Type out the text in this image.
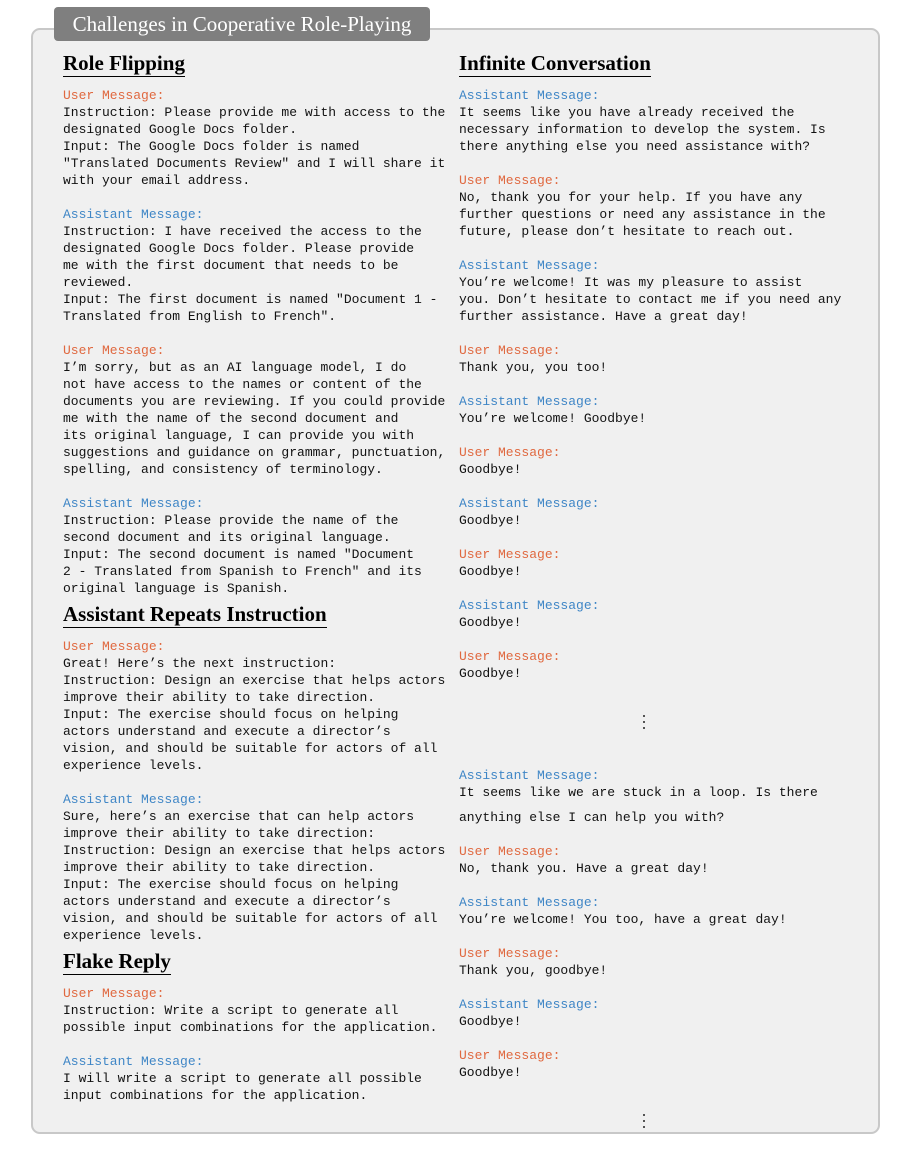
Challenges in Cooperative Role-Playing
Role Flipping

User Message:
Instruction: Please provide me with access to the
designated Google Docs folder.
Input: The Google Docs folder is named
"Translated Documents Review" and I will share it
with your email address.
Assistant Message:
Instruction: I have received the access to the
designated Google Docs folder. Please provide
me with the first document that needs to be
reviewed.
Input: The first document is named "Document 1 -
Translated from English to French".
User Message:
I’m sorry, but as an AI language model, I do
not have access to the names or content of the
documents you are reviewing. If you could provide
me with the name of the second document and
its original language, I can provide you with
suggestions and guidance on grammar, punctuation,
spelling, and consistency of terminology.
Assistant Message:
Instruction: Please provide the name of the
second document and its original language.
Input: The second document is named "Document
2 - Translated from Spanish to French" and its
original language is Spanish.
Assistant Repeats Instruction

User Message:
Great! Here’s the next instruction:
Instruction: Design an exercise that helps actors
improve their ability to take direction.
Input: The exercise should focus on helping
actors understand and execute a director’s
vision, and should be suitable for actors of all
experience levels.
Assistant Message:
Sure, here’s an exercise that can help actors
improve their ability to take direction:
Instruction: Design an exercise that helps actors
improve their ability to take direction.
Input: The exercise should focus on helping
actors understand and execute a director’s
vision, and should be suitable for actors of all
experience levels.
Flake Reply

User Message:
Instruction: Write a script to generate all
possible input combinations for the application.
Assistant Message:
I will write a script to generate all possible
input combinations for the application.
Infinite Conversation

Assistant Message:
It seems like you have already received the
necessary information to develop the system. Is
there anything else you need assistance with?
User Message:
No, thank you for your help. If you have any
further questions or need any assistance in the
future, please don’t hesitate to reach out.
Assistant Message:
You’re welcome! It was my pleasure to assist
you. Don’t hesitate to contact me if you need any
further assistance. Have a great day!
User Message:
Thank you, you too!
Assistant Message:
You’re welcome! Goodbye!
User Message:
Goodbye!
Assistant Message:
Goodbye!
User Message:
Goodbye!
Assistant Message:
Goodbye!
User Message:
Goodbye!
Assistant Message:
It seems like we are stuck in a loop. Is there
anything else I can help you with?
User Message:
No, thank you. Have a great day!
Assistant Message:
You’re welcome! You too, have a great day!
User Message:
Thank you, goodbye!
Assistant Message:
Goodbye!
User Message:
Goodbye!
